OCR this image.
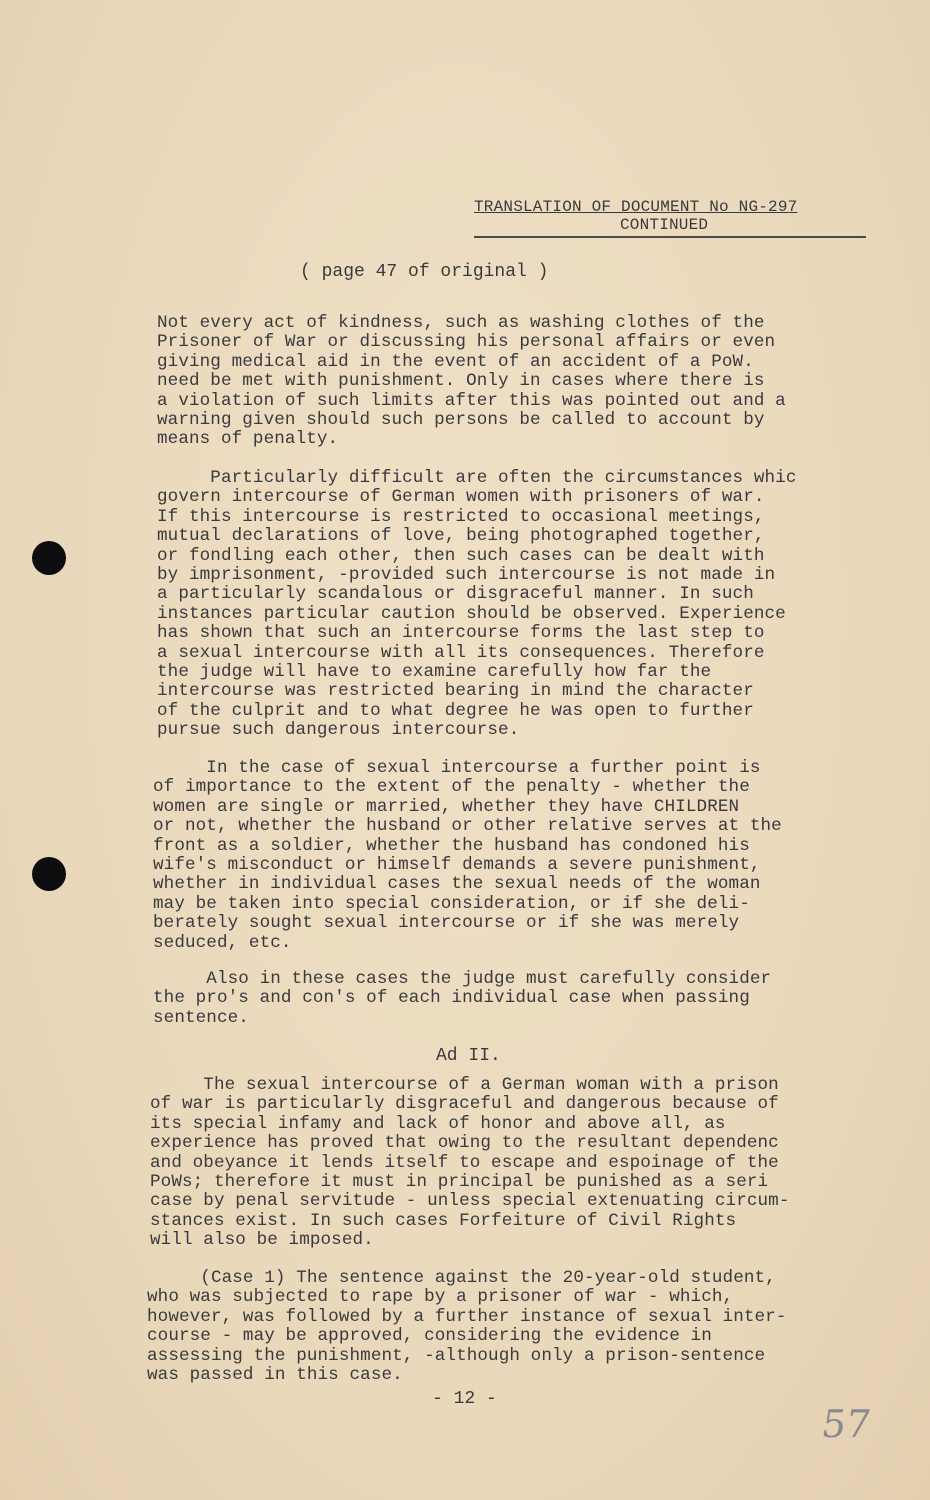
TRANSLATION OF DOCUMENT No NG-297
CONTINUED
( page 47 of original )

Not every act of kindness, such as washing clothes of the
Prisoner of War or discussing his personal affairs or even
giving medical aid in the event of an accident of a PoW.
need be met with punishment. Only in cases where there is
a violation of such limits after this was pointed out and a
warning given should such persons be called to account by
means of penalty.

Particularly difficult are often the circumstances whic
govern intercourse of German women with prisoners of war.
If this intercourse is restricted to occasional meetings,
mutual declarations of love, being photographed together,
or fondling each other, then such cases can be dealt with
by imprisonment, -provided such intercourse is not made in
a particularly scandalous or disgraceful manner. In such
instances particular caution should be observed. Experience
has shown that such an intercourse forms the last step to
a sexual intercourse with all its consequences. Therefore
the judge will have to examine carefully how far the
intercourse was restricted bearing in mind the character
of the culprit and to what degree he was open to further
pursue such dangerous intercourse.

In the case of sexual intercourse a further point is
of importance to the extent of the penalty - whether the
women are single or married, whether they have CHILDREN
or not, whether the husband or other relative serves at the
front as a soldier, whether the husband has condoned his
wife's misconduct or himself demands a severe punishment,
whether in individual cases the sexual needs of the woman
may be taken into special consideration, or if she deli-
berately sought sexual intercourse or if she was merely
seduced, etc.

Also in these cases the judge must carefully consider
the pro's and con's of each individual case when passing
sentence.

Ad II.

The sexual intercourse of a German woman with a prison
of war is particularly disgraceful and dangerous because of
its special infamy and lack of honor and above all, as
experience has proved that owing to the resultant dependenc
and obeyance it lends itself to escape and espoinage of the
PoWs; therefore it must in principal be punished as a seri
case by penal servitude - unless special extenuating circum-
stances exist. In such cases Forfeiture of Civil Rights
will also be imposed.

(Case 1) The sentence against the 20-year-old student,
who was subjected to rape by a prisoner of war - which,
however, was followed by a further instance of sexual inter-
course - may be approved, considering the evidence in
assessing the punishment, -although only a prison-sentence
was passed in this case.

- 12 -
57
